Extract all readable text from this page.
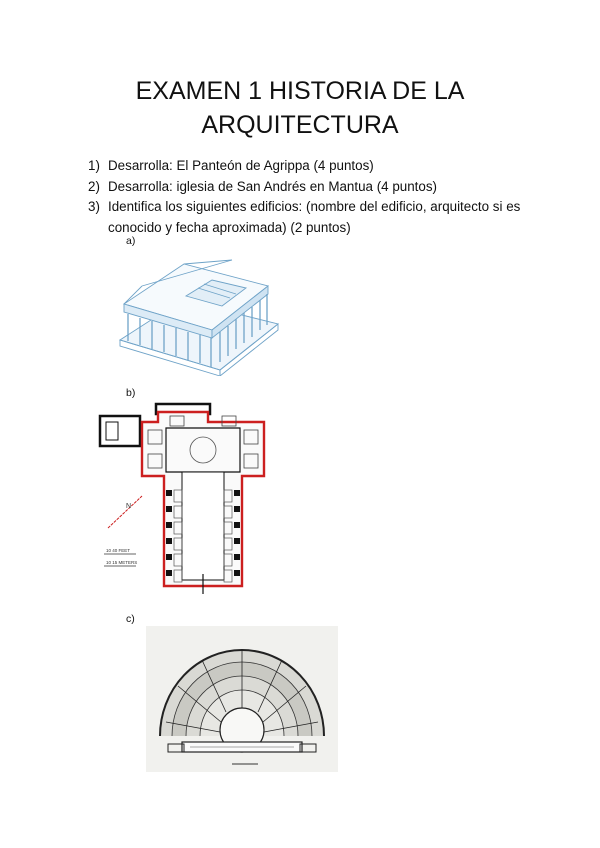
EXAMEN 1 HISTORIA DE LA
ARQUITECTURA
1) Desarrolla: El Panteón de Agrippa (4 puntos)
2) Desarrolla: iglesia de San Andrés en Mantua (4 puntos)
3) Identifica los siguientes edificios: (nombre del edificio, arquitecto si es conocido y fecha aproximada) (2 puntos)
a)
b)
N
10 40 FEET
10 15 METERS
c)
